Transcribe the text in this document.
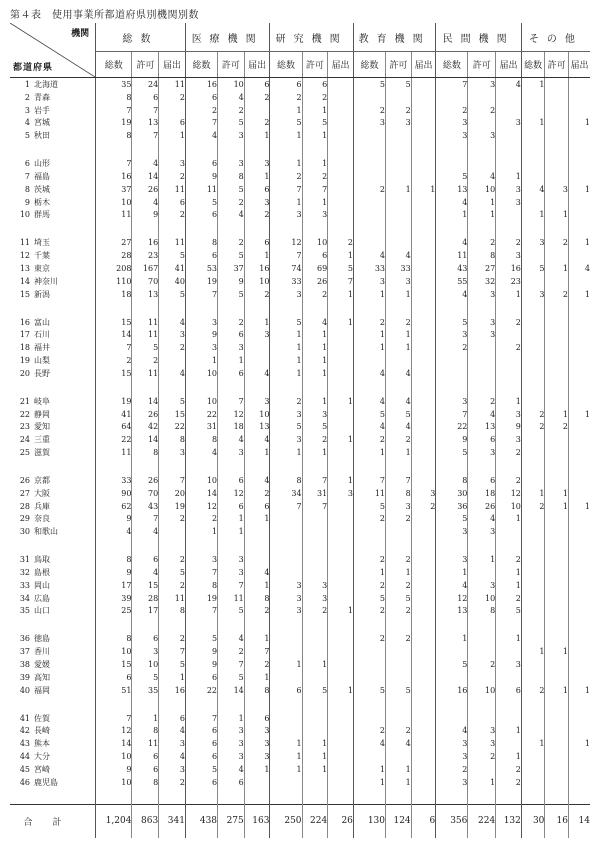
第４表　使用事業所都道府県別機関別数
機関
都道府県	総数			医療機関			研究機関			教育機関			民間機関			その他		
	総数	許可	届出	総数	許可	届出	総数	許可	届出	総数	許可	届出	総数	許可	届出	総数	許可	届出
1 北海道	35	24	11	16	10	6	6	6		5	5		7	3	4	1		
2 青森	8	6	2	6	4	2	2	2										
3 岩手	7	7		2	2		1	1		2	2		2	2				
4 宮城	19	13	6	7	5	2	5	5		3	3		3		3	1		1
5 秋田	8	7	1	4	3	1	1	1					3	3				

6 山形	7	4	3	6	3	3	1	1										
7 福島	16	14	2	9	8	1	2	2					5	4	1			
8 茨城	37	26	11	11	5	6	7	7		2	1	1	13	10	3	4	3	1
9 栃木	10	4	6	5	2	3	1	1					4	1	3			
10 群馬	11	9	2	6	4	2	3	3					1	1		1	1	

11 埼玉	27	16	11	8	2	6	12	10	2				4	2	2	3	2	1
12 千葉	28	23	5	6	5	1	7	6	1	4	4		11	8	3			
13 東京	208	167	41	53	37	16	74	69	5	33	33		43	27	16	5	1	4
14 神奈川	110	70	40	19	9	10	33	26	7	3	3		55	32	23			
15 新潟	18	13	5	7	5	2	3	2	1	1	1		4	3	1	3	2	1

16 富山	15	11	4	3	2	1	5	4	1	2	2		5	3	2			
17 石川	14	11	3	9	6	3	1	1		1	1		3	3				
18 福井	7	5	2	3	3		1	1		1	1		2		2			
19 山梨	2	2		1	1		1	1										
20 長野	15	11	4	10	6	4	1	1		4	4							

21 岐阜	19	14	5	10	7	3	2	1	1	4	4		3	2	1			
22 静岡	41	26	15	22	12	10	3	3		5	5		7	4	3	2	1	1
23 愛知	64	42	22	31	18	13	5	5		4	4		22	13	9	2	2	
24 三重	22	14	8	8	4	4	3	2	1	2	2		9	6	3			
25 滋賀	11	8	3	4	3	1	1	1		1	1		5	3	2			

26 京都	33	26	7	10	6	4	8	7	1	7	7		8	6	2			
27 大阪	90	70	20	14	12	2	34	31	3	11	8	3	30	18	12	1	1	
28 兵庫	62	43	19	12	6	6	7	7		5	3	2	36	26	10	2	1	1
29 奈良	9	7	2	2	1	1				2	2		5	4	1			
30 和歌山	4	4		1	1								3	3				

31 鳥取	8	6	2	3	3					2	2		3	1	2			
32 島根	9	4	5	7	3	4				1	1		1		1			
33 岡山	17	15	2	8	7	1	3	3		2	2		4	3	1			
34 広島	39	28	11	19	11	8	3	3		5	5		12	10	2			
35 山口	25	17	8	7	5	2	3	2	1	2	2		13	8	5			

36 徳島	8	6	2	5	4	1				2	2		1		1			
37 香川	10	3	7	9	2	7										1	1	
38 愛媛	15	10	5	9	7	2	1	1					5	2	3			
39 高知	6	5	1	6	5	1												
40 福岡	51	35	16	22	14	8	6	5	1	5	5		16	10	6	2	1	1

41 佐賀	7	1	6	7	1	6												
42 長崎	12	8	4	6	3	3				2	2		4	3	1			
43 熊本	14	11	3	6	3	3	1	1		4	4		3	3		1		1
44 大分	10	6	4	6	3	3	1	1					3	2	1			
45 宮崎	9	6	3	5	4	1	1	1		1	1		2		2			
46 鹿児島	10	8	2	6	6					1	1		3	1	2			

合計	1,204	863	341	438	275	163	250	224	26	130	124	6	356	224	132	30	16	14
